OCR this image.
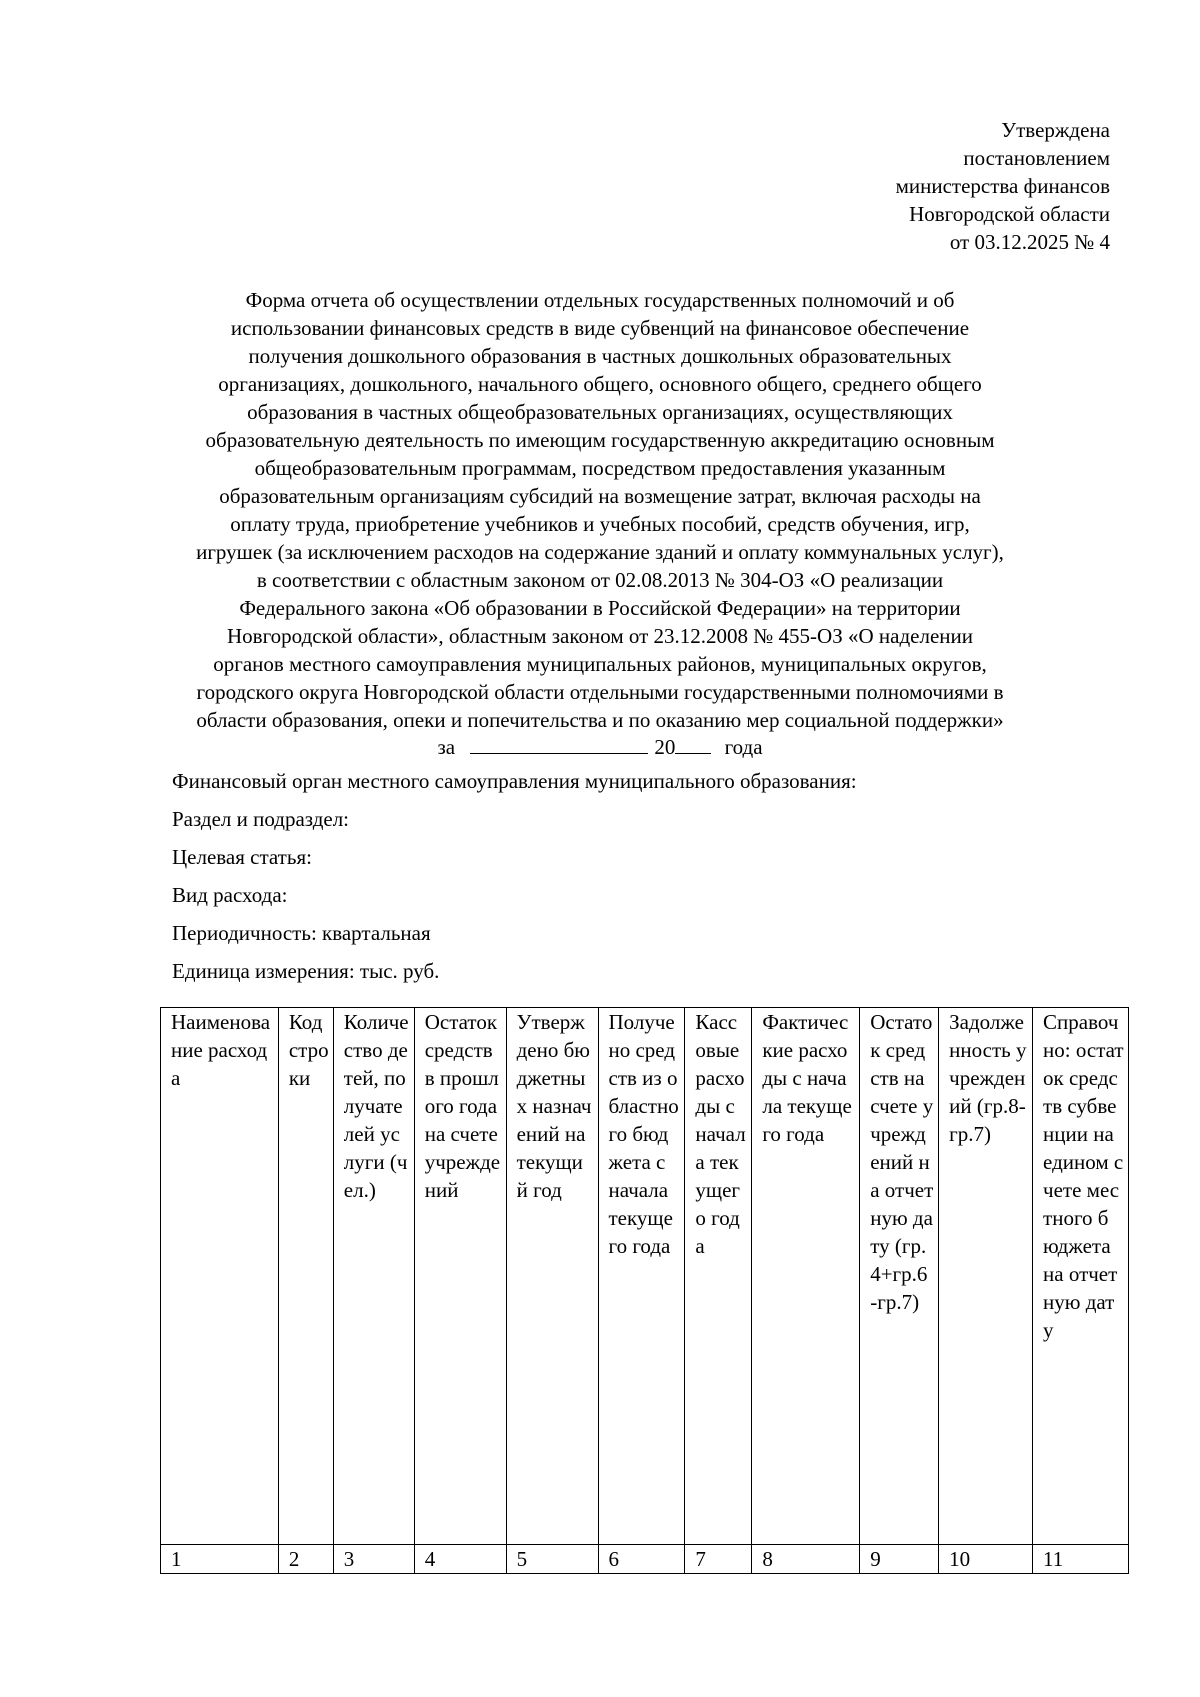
Утверждена
постановлением
министерства финансов
Новгородской области
от 03.12.2025 № 4
Форма отчета об осуществлении отдельных государственных полномочий и об
использовании финансовых средств в виде субвенций на финансовое обеспечение
получения дошкольного образования в частных дошкольных образовательных
организациях, дошкольного, начального общего, основного общего, среднего общего
образования в частных общеобразовательных организациях, осуществляющих
образовательную деятельность по имеющим государственную аккредитацию основным
общеобразовательным программам, посредством предоставления указанным
образовательным организациям субсидий на возмещение затрат, включая расходы на
оплату труда, приобретение учебников и учебных пособий, средств обучения, игр,
игрушек (за исключением расходов на содержание зданий и оплату коммунальных услуг),
в соответствии с областным законом от 02.08.2013 № 304-ОЗ «О реализации
Федерального закона «Об образовании в Российской Федерации» на территории
Новгородской области», областным законом от 23.12.2008 № 455-ОЗ «О наделении
органов местного самоуправления муниципальных районов, муниципальных округов,
городского округа Новгородской области отдельными государственными полномочиями в
области образования, опеки и попечительства и по оказанию мер социальной поддержки»
за	20 года
Финансовый орган местного самоуправления муниципального образования:
Раздел и подраздел:
Целевая статья:
Вид расхода:
Периодичность: квартальная
Единица измерения: тыс. руб.
Наименование расхода	Код строки	Количество детей, получателей услуги (чел.)	Остаток средств в прошлого года на счете учреждений	Утверждено бюджетных назначений на текущий год	Получено средств из областного бюджета с начала текущего года	Кассовые расходы с начала текущего года	Фактические расходы с начала текущего года	Остаток средств на счете учреждений на отчетную дату (гр.4+гр.6-гр.7)	Задолженность учреждений (гр.8-гр.7)	Справочно: остаток средств субвенции на едином счете местного бюджета на отчетную дату
1	2	3	4	5	6	7	8	9	10	11
